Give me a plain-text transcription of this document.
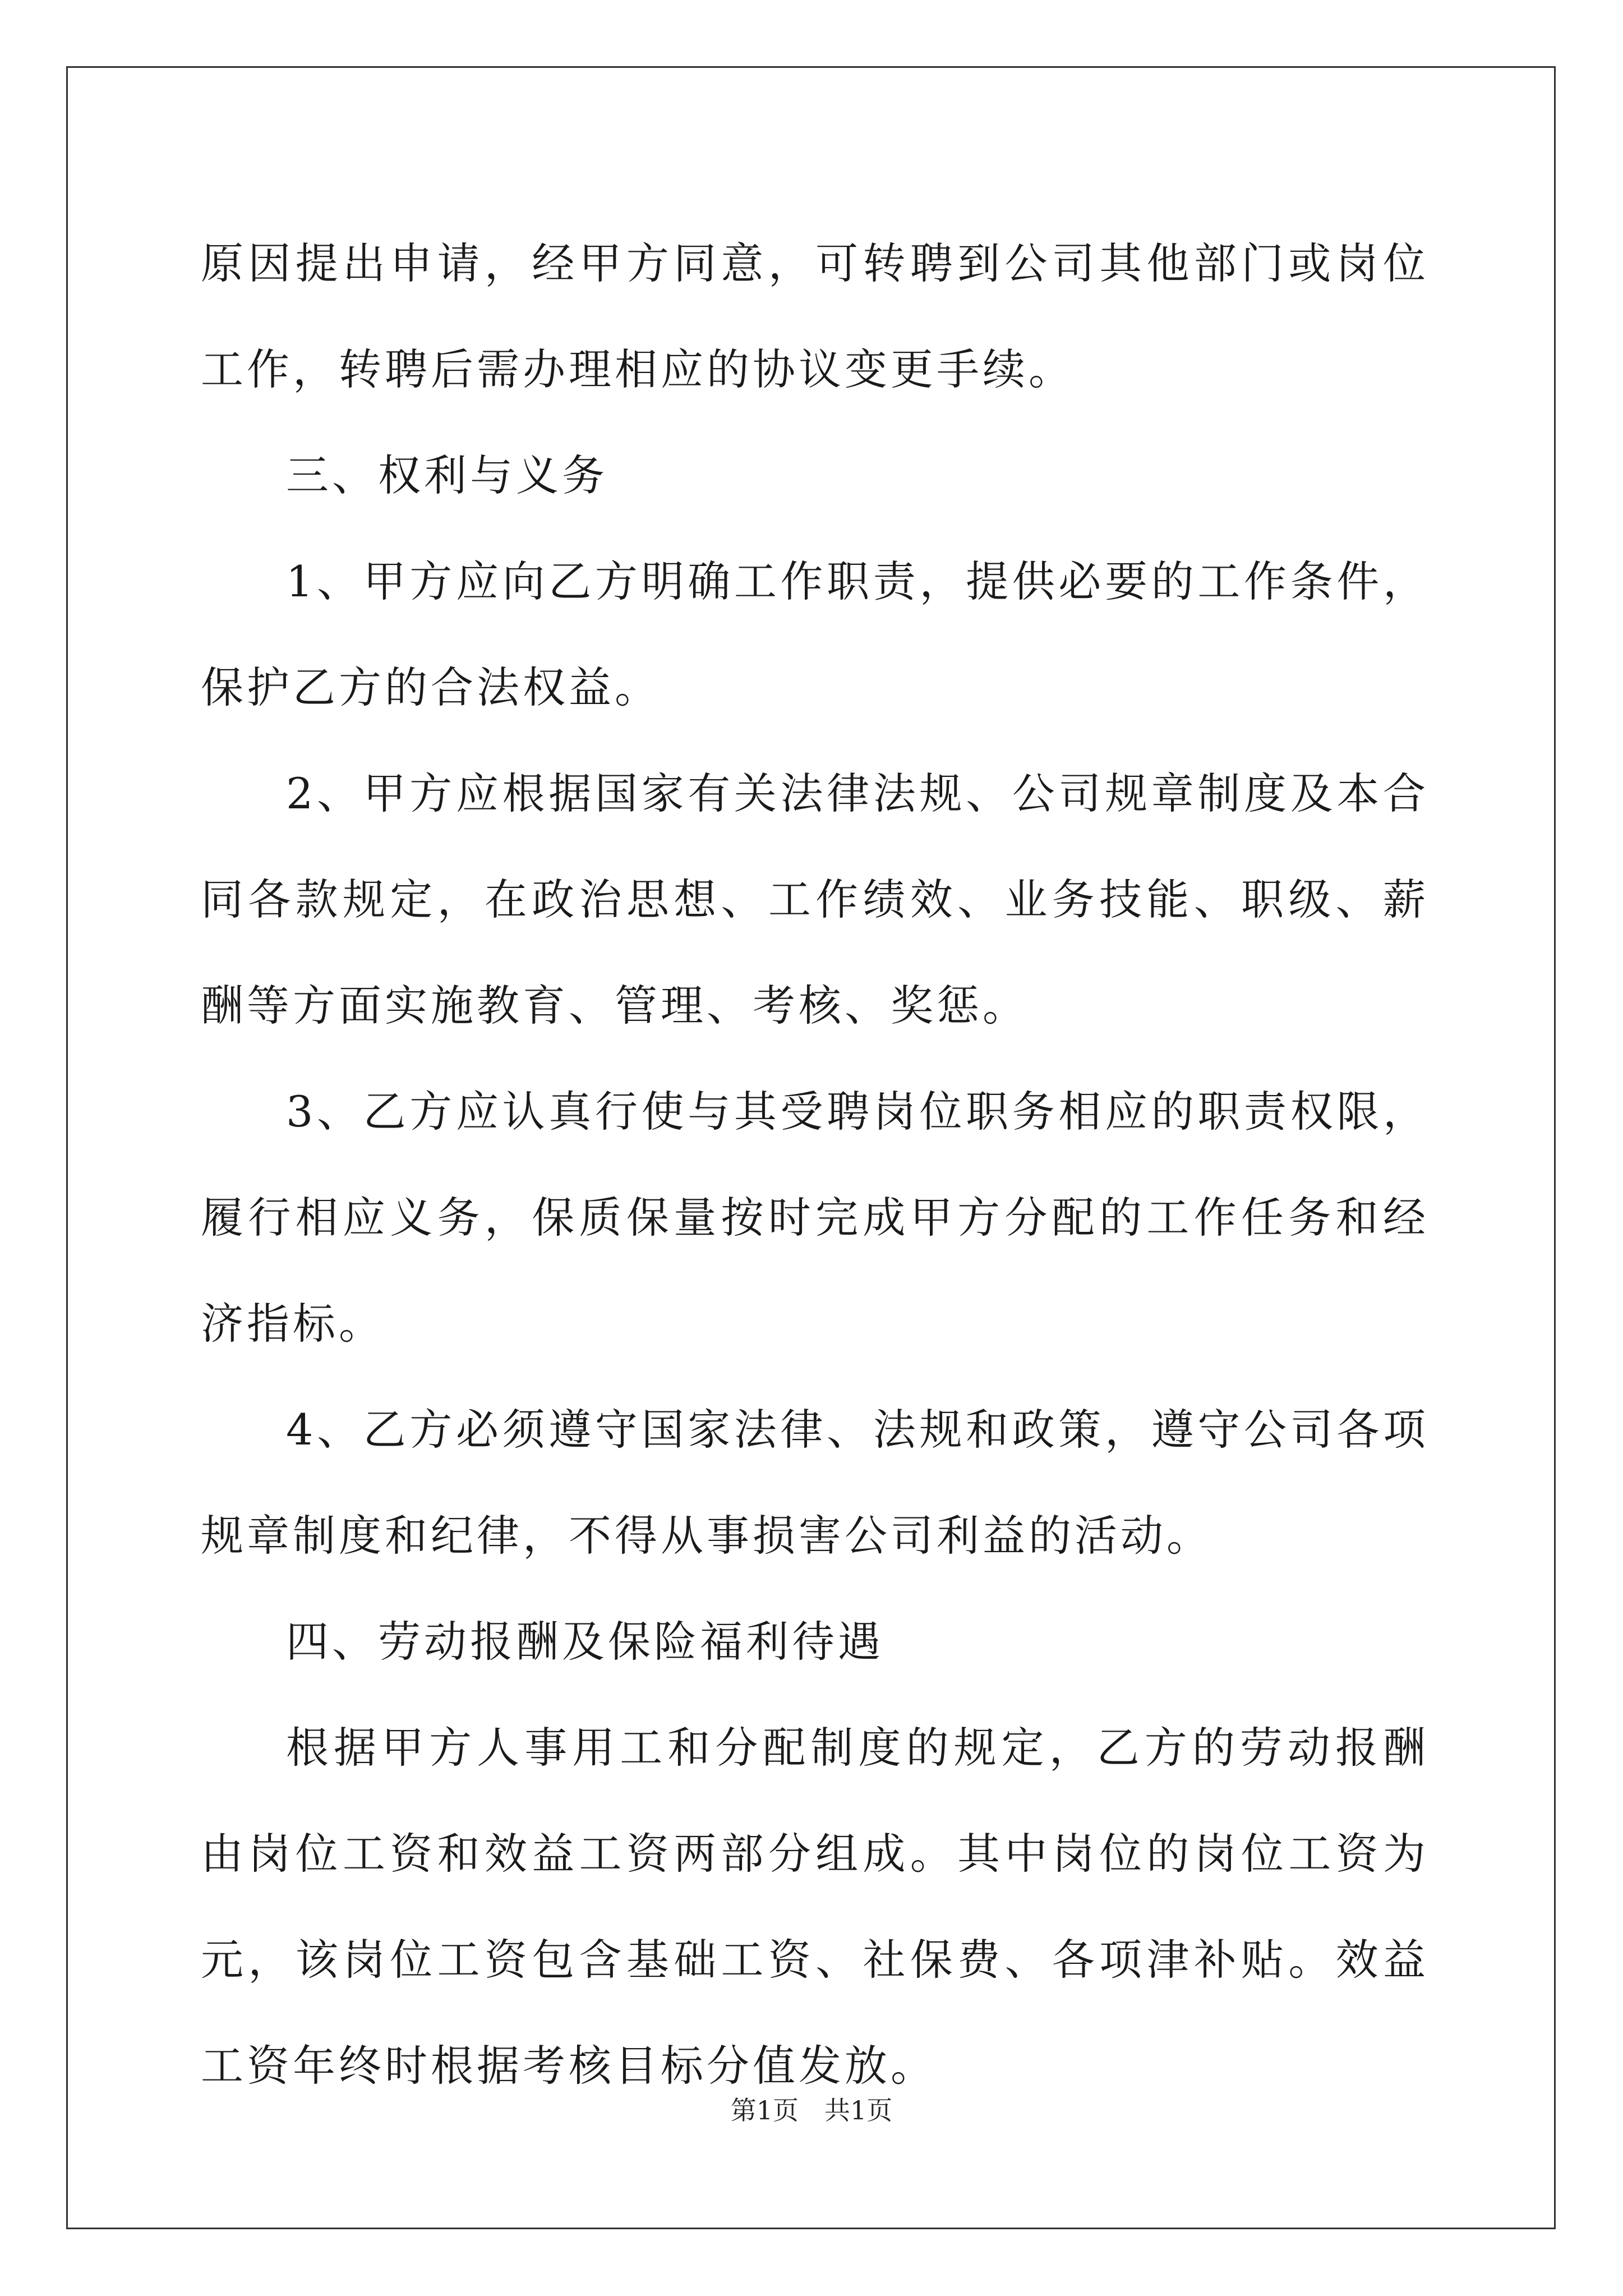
原因提出申请，经甲方同意，可转聘到公司其他部门或岗位工作，转聘后需办理相应的协议变更手续。

三、权利与义务

1、甲方应向乙方明确工作职责，提供必要的工作条件，保护乙方的合法权益。

2、甲方应根据国家有关法律法规、公司规章制度及本合同各款规定，在政治思想、工作绩效、业务技能、职级、薪酬等方面实施教育、管理、考核、奖惩。

3、乙方应认真行使与其受聘岗位职务相应的职责权限，履行相应义务，保质保量按时完成甲方分配的工作任务和经济指标。

4、乙方必须遵守国家法律、法规和政策，遵守公司各项规章制度和纪律，不得从事损害公司利益的活动。

四、劳动报酬及保险福利待遇

根据甲方人事用工和分配制度的规定，乙方的劳动报酬由岗位工资和效益工资两部分组成。其中岗位的岗位工资为元，该岗位工资包含基础工资、社保费、各项津补贴。效益工资年终时根据考核目标分值发放。

第1页　共1页
